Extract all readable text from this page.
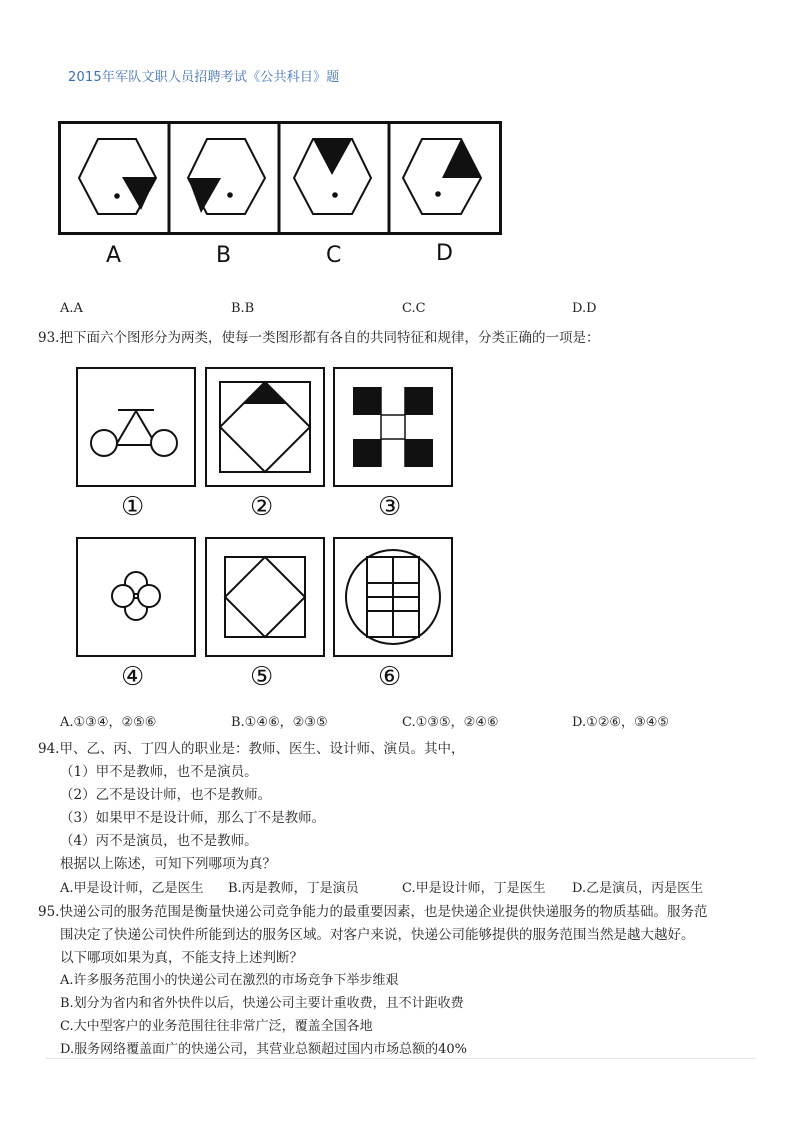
2015年军队文职人员招聘考试《公共科目》题
A	B	C	D
A.A	B.B	C.C	D.D
93.把下面六个图形分为两类，使每一类图形都有各自的共同特征和规律，分类正确的一项是：
①	②	③
④	⑤	⑥
A.①③④，②⑤⑥	B.①④⑥，②③⑤	C.①③⑤，②④⑥	D.①②⑥，③④⑤
94.甲、乙、丙、丁四人的职业是：教师、医生、设计师、演员。其中，
（1）甲不是教师，也不是演员。
（2）乙不是设计师，也不是教师。
（3）如果甲不是设计师，那么丁不是教师。
（4）丙不是演员，也不是教师。
根据以上陈述，可知下列哪项为真？
A.甲是设计师，乙是医生 B.丙是教师，丁是演员	C.甲是设计师，丁是医生 D.乙是演员，丙是医生
95.快递公司的服务范围是衡量快递公司竞争能力的最重要因素，也是快递企业提供快递服务的物质基础。服务范
围决定了快递公司快件所能到达的服务区域。对客户来说，快递公司能够提供的服务范围当然是越大越好。
以下哪项如果为真，不能支持上述判断？
A.许多服务范围小的快递公司在激烈的市场竞争下举步维艰
B.划分为省内和省外快件以后，快递公司主要计重收费，且不计距收费
C.大中型客户的业务范围往往非常广泛，覆盖全国各地
D.服务网络覆盖面广的快递公司，其营业总额超过国内市场总额的40%
